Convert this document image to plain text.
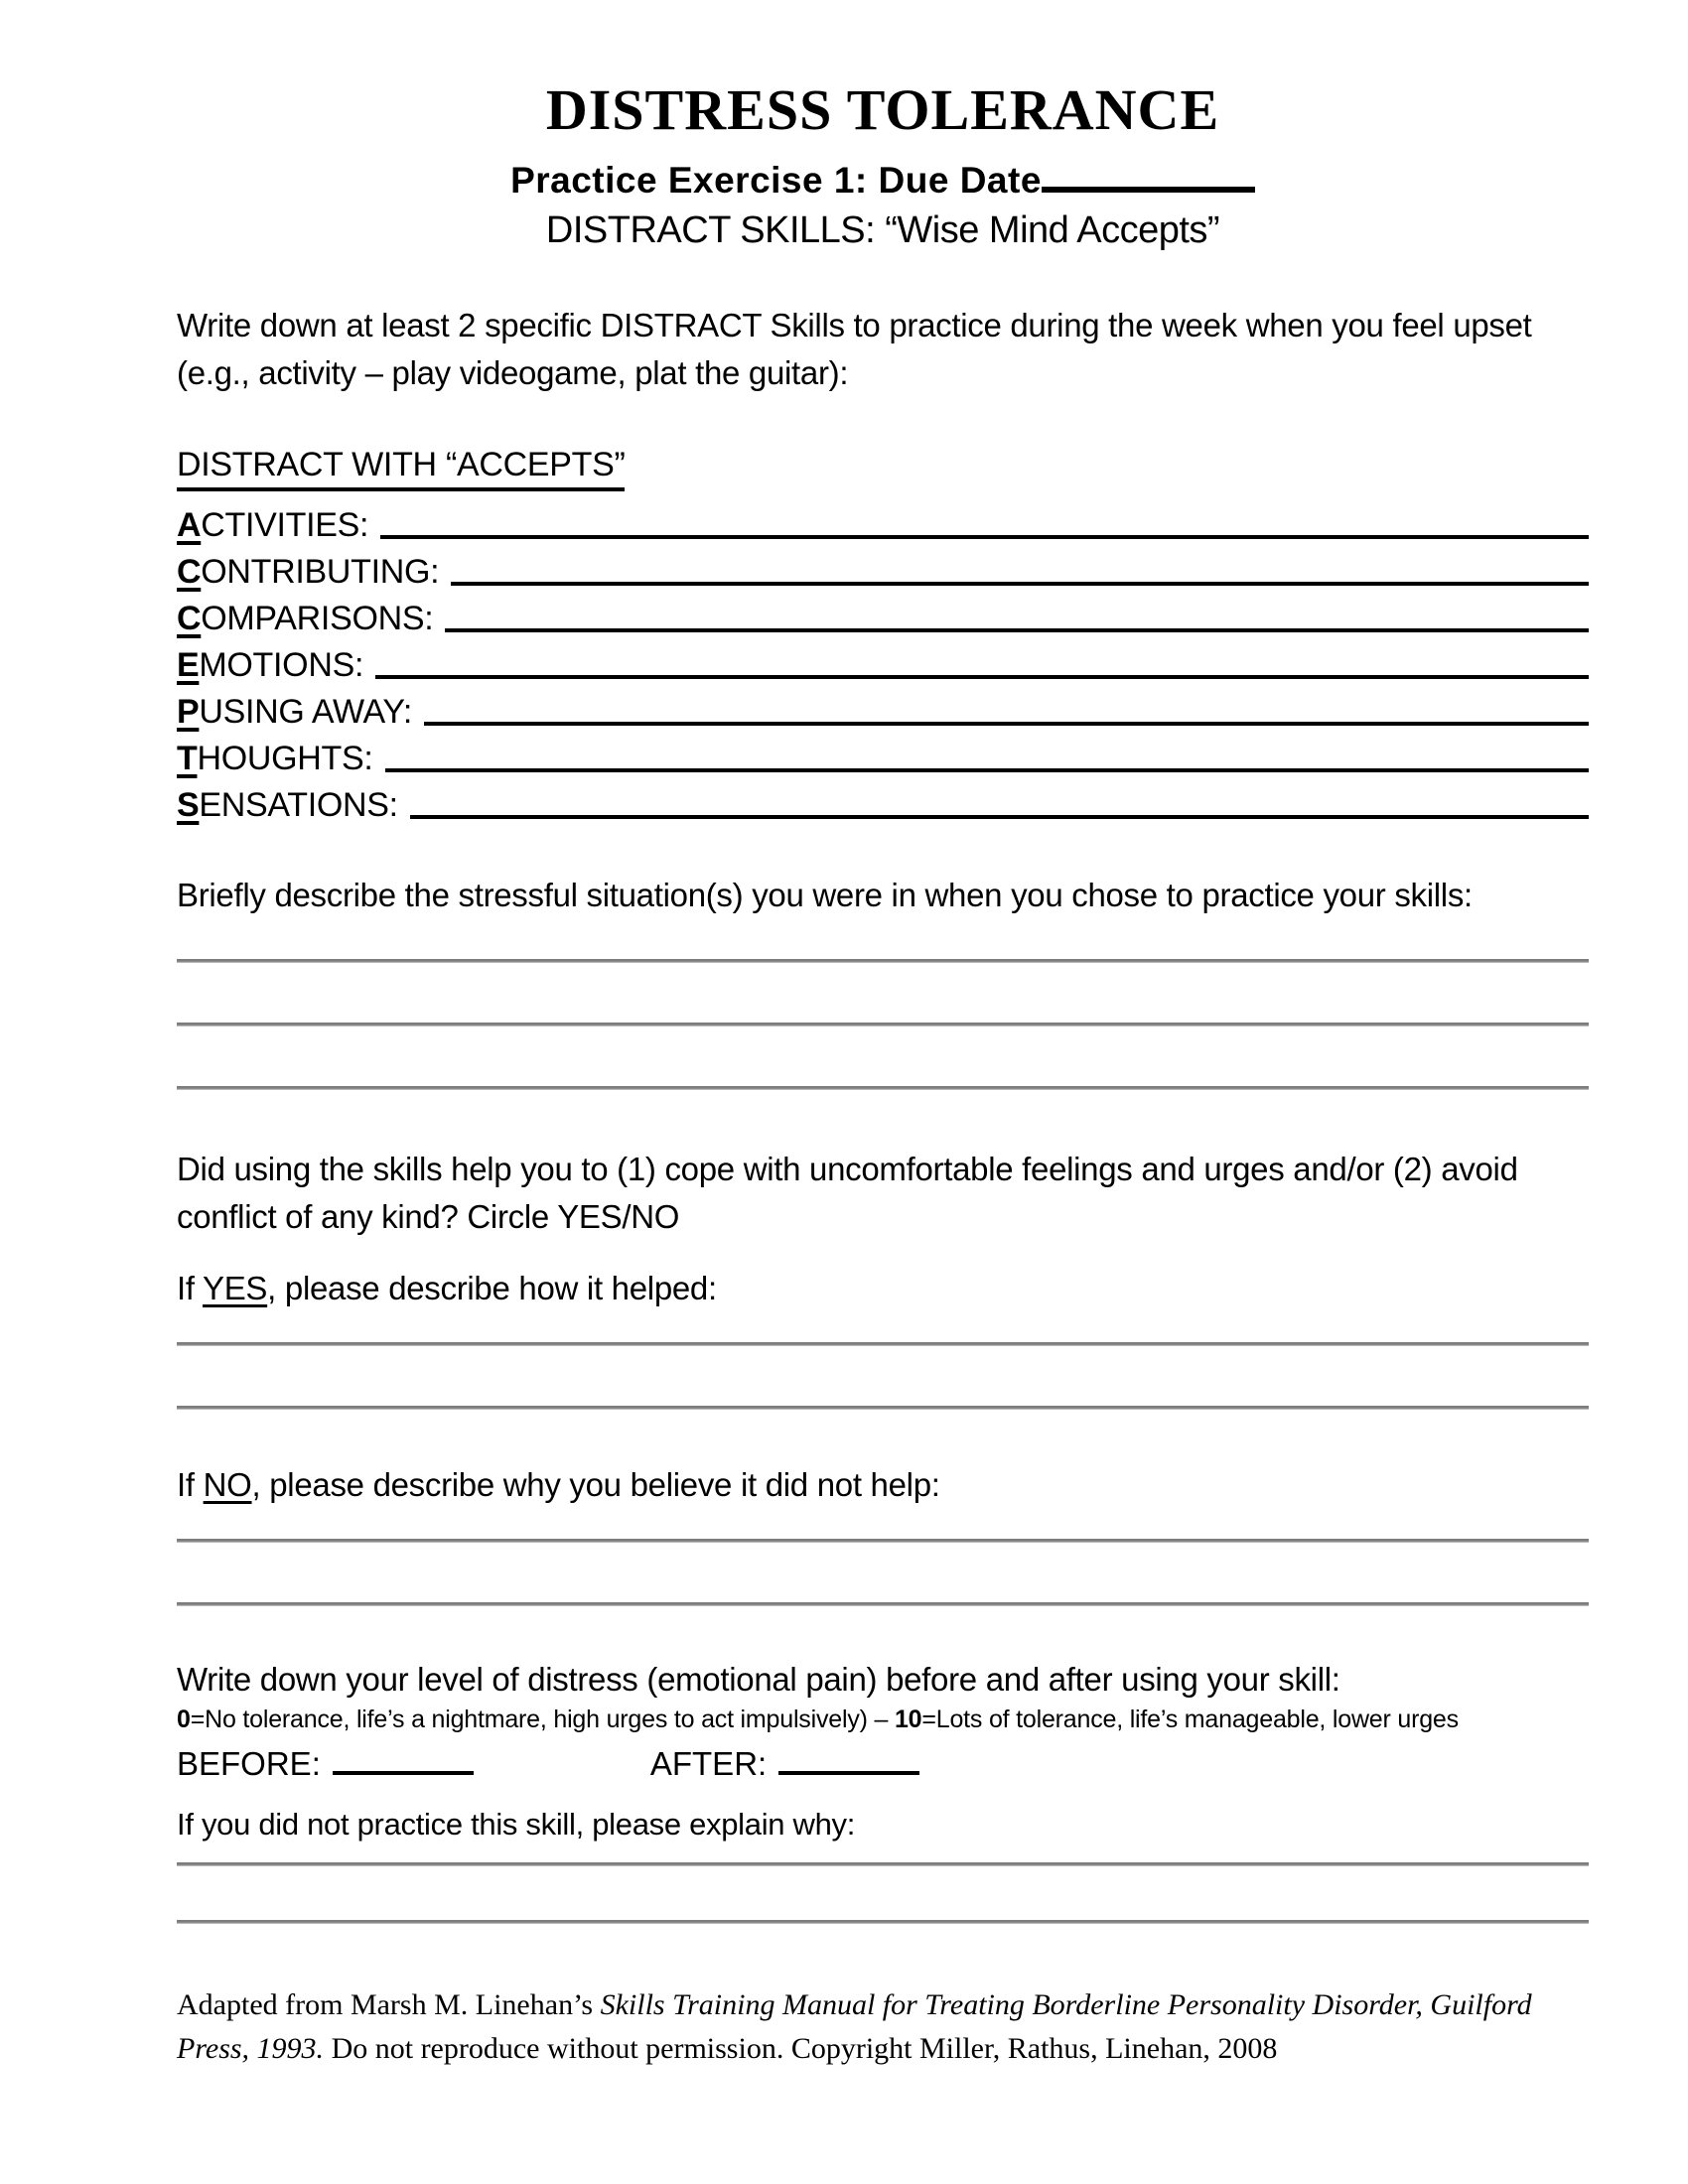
DISTRESS TOLERANCE
Practice Exercise 1: Due Date
DISTRACT SKILLS: “Wise Mind Accepts”
Write down at least 2 specific DISTRACT Skills to practice during the week when you feel upset (e.g., activity – play videogame, plat the guitar):
DISTRACT WITH “ACCEPTS”
ACTIVITIES:
CONTRIBUTING:
COMPARISONS:
EMOTIONS:
PUSING AWAY:
THOUGHTS:
SENSATIONS:
Briefly describe the stressful situation(s) you were in when you chose to practice your skills:
Did using the skills help you to (1) cope with uncomfortable feelings and urges and/or (2) avoid conflict of any kind? Circle YES/NO
If YES, please describe how it helped:
If NO, please describe why you believe it did not help:
Write down your level of distress (emotional pain) before and after using your skill:
0=No tolerance, life’s a nightmare, high urges to act impulsively) – 10=Lots of tolerance, life’s manageable, lower urges
BEFORE:	AFTER:
If you did not practice this skill, please explain why:
Adapted from Marsh M. Linehan’s Skills Training Manual for Treating Borderline Personality Disorder, Guilford Press, 1993. Do not reproduce without permission. Copyright Miller, Rathus, Linehan, 2008
